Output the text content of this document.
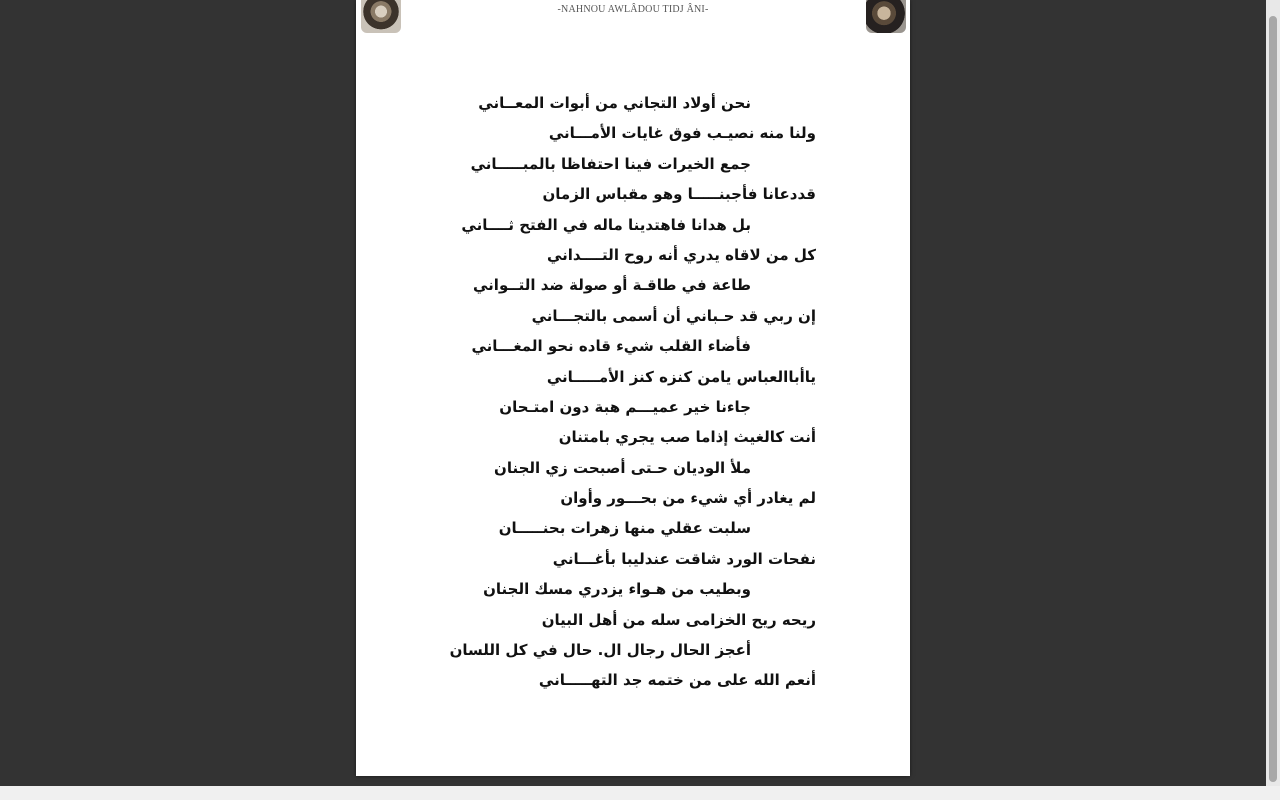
-NAHNOU AWLÂDOU TIDJ ÂNI-
نحن أولاد التجاني من أبوات المعــاني
ولنا منه نصيـب فوق غايات الأمـــاني
جمع الخيرات فينا احتفاظا بالمبـــــاني
قددعانا فأجبنـــــا وهو مقباس الزمان
بل هدانا فاهتدينا ماله في الفتح ثــــاني
كل من لاقاه يدري أنه روح التــــداني
طاعة في طاقـة أو صولة ضد التــواني
إن ربي قد حـباني أن أسمى بالتجـــاني
فأضاء القلب شيء قاده نحو المغـــاني
ياأباالعباس يامن كنزه كنز الأمـــــاني
جاءنا خير عميـــم هبة دون امتـحان
أنت كالغيث إذاما صب يجري بامتنان
ملأ الوديان حـتى أصبحت زي الجنان
لم يغادر أي شيء من بحـــور وأوان
سلبت عقلي منها زهرات بحنـــــان
نفحات الورد شاقت عندليبا بأغـــاني
وبطيب من هـواء يزدري مسك الجنان
ريحه ريح الخزامى سله من أهل البيان
أعجز الحال رجال ال. حال في كل اللسان
أنعم الله على من ختمه جد التهـــــاني
